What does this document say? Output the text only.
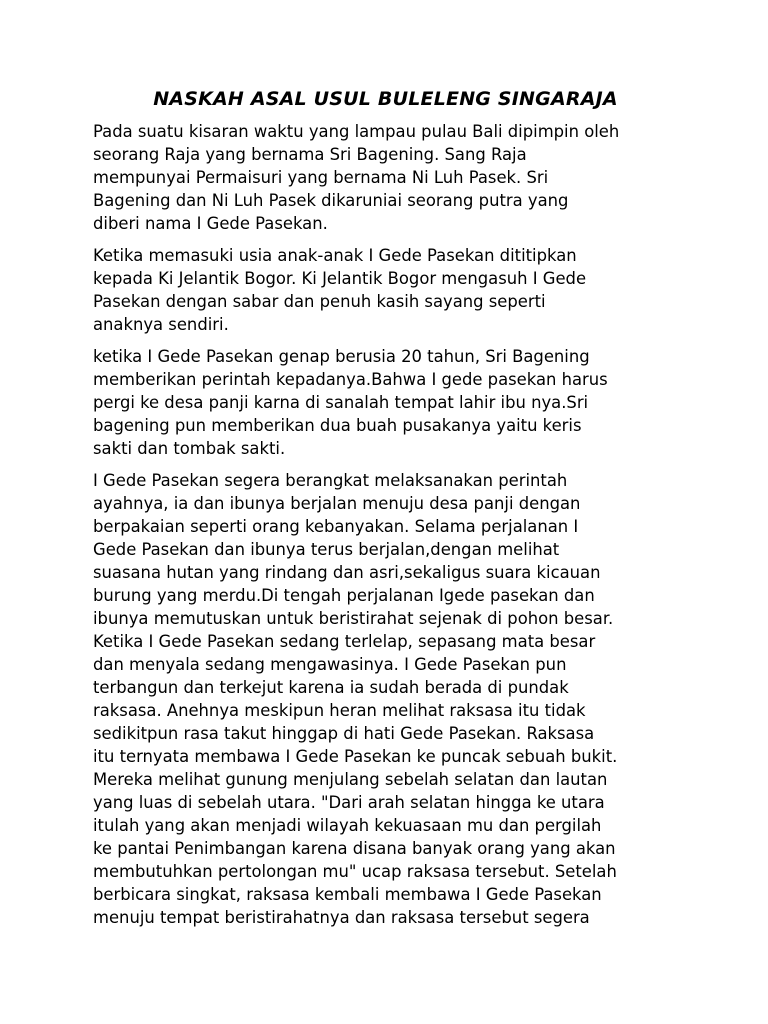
NASKAH ASAL USUL BULELENG SINGARAJA

Pada suatu kisaran waktu yang lampau pulau Bali dipimpin oleh
seorang Raja yang bernama Sri Bagening. Sang Raja
mempunyai Permaisuri yang bernama Ni Luh Pasek. Sri
Bagening dan Ni Luh Pasek dikaruniai seorang putra yang
diberi nama I Gede Pasekan.

Ketika memasuki usia anak-anak I Gede Pasekan dititipkan
kepada Ki Jelantik Bogor. Ki Jelantik Bogor mengasuh I Gede
Pasekan dengan sabar dan penuh kasih sayang seperti
anaknya sendiri.

ketika I Gede Pasekan genap berusia 20 tahun, Sri Bagening
memberikan perintah kepadanya.Bahwa I gede pasekan harus
pergi ke desa panji karna di sanalah tempat lahir ibu nya.Sri
bagening pun memberikan dua buah pusakanya yaitu keris
sakti dan tombak sakti.

I Gede Pasekan segera berangkat melaksanakan perintah
ayahnya, ia dan ibunya berjalan menuju desa panji dengan
berpakaian seperti orang kebanyakan. Selama perjalanan I
Gede Pasekan dan ibunya terus berjalan,dengan melihat
suasana hutan yang rindang dan asri,sekaligus suara kicauan
burung yang merdu.Di tengah perjalanan Igede pasekan dan
ibunya memutuskan untuk beristirahat sejenak di pohon besar.
Ketika I Gede Pasekan sedang terlelap, sepasang mata besar
dan menyala sedang mengawasinya. I Gede Pasekan pun
terbangun dan terkejut karena ia sudah berada di pundak
raksasa. Anehnya meskipun heran melihat raksasa itu tidak
sedikitpun rasa takut hinggap di hati Gede Pasekan. Raksasa
itu ternyata membawa I Gede Pasekan ke puncak sebuah bukit.
Mereka melihat gunung menjulang sebelah selatan dan lautan
yang luas di sebelah utara. "Dari arah selatan hingga ke utara
itulah yang akan menjadi wilayah kekuasaan mu dan pergilah
ke pantai Penimbangan karena disana banyak orang yang akan
membutuhkan pertolongan mu" ucap raksasa tersebut. Setelah
berbicara singkat, raksasa kembali membawa I Gede Pasekan
menuju tempat beristirahatnya dan raksasa tersebut segera
